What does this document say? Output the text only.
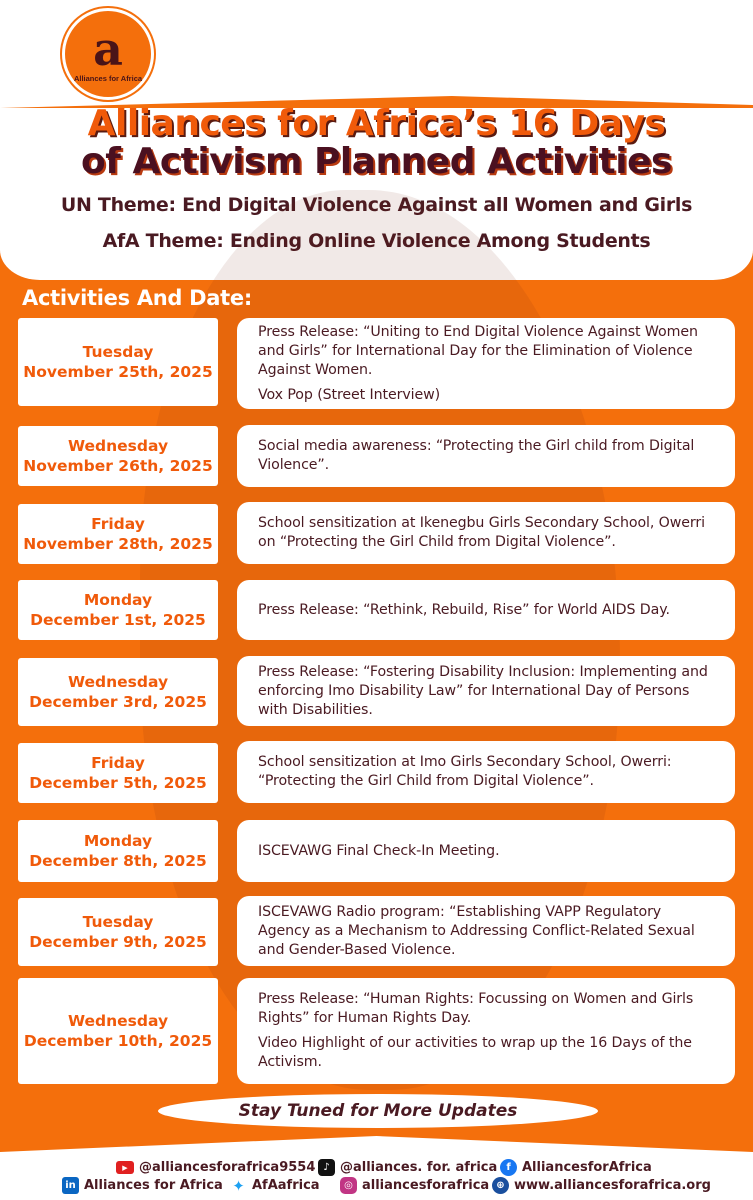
a
Alliances for Africa
Alliances for Africa’s 16 Days
of Activism Planned Activities
UN Theme: End Digital Violence Against all Women and Girls
AfA Theme: Ending Online Violence Among Students
Activities And Date:
Tuesday
November 25th, 2025
Press Release: “Uniting to End Digital Violence Against Women and Girls” for International Day for the Elimination of Violence Against Women.
Vox Pop (Street Interview)
Wednesday
November 26th, 2025
Social media awareness: “Protecting the Girl child from Digital Violence”.
Friday
November 28th, 2025
School sensitization at Ikenegbu Girls Secondary School, Owerri on “Protecting the Girl Child from Digital Violence”.
Monday
December 1st, 2025
Press Release: “Rethink, Rebuild, Rise” for World AIDS Day.
Wednesday
December 3rd, 2025
Press Release: “Fostering Disability Inclusion: Implementing and enforcing Imo Disability Law” for International Day of Persons with Disabilities.
Friday
December 5th, 2025
School sensitization at Imo Girls Secondary School, Owerri: “Protecting the Girl Child from Digital Violence”.
Monday
December 8th, 2025
ISCEVAWG Final Check-In Meeting.
Tuesday
December 9th, 2025
ISCEVAWG Radio program: “Establishing VAPP Regulatory Agency as a Mechanism to Addressing Conflict-Related Sexual and Gender-Based Violence.
Wednesday
December 10th, 2025
Press Release: “Human Rights: Focussing on Women and Girls Rights” for Human Rights Day.
Video Highlight of our activities to wrap up the 16 Days of the Activism.
Stay Tuned for More Updates
▶ @alliancesforafrica9554 ♪ @alliances. for. africa f AlliancesforAfrica
in Alliances for Africa ✦ AfAafrica	◎ alliancesforafrica ⊕ www.alliancesforafrica.org
